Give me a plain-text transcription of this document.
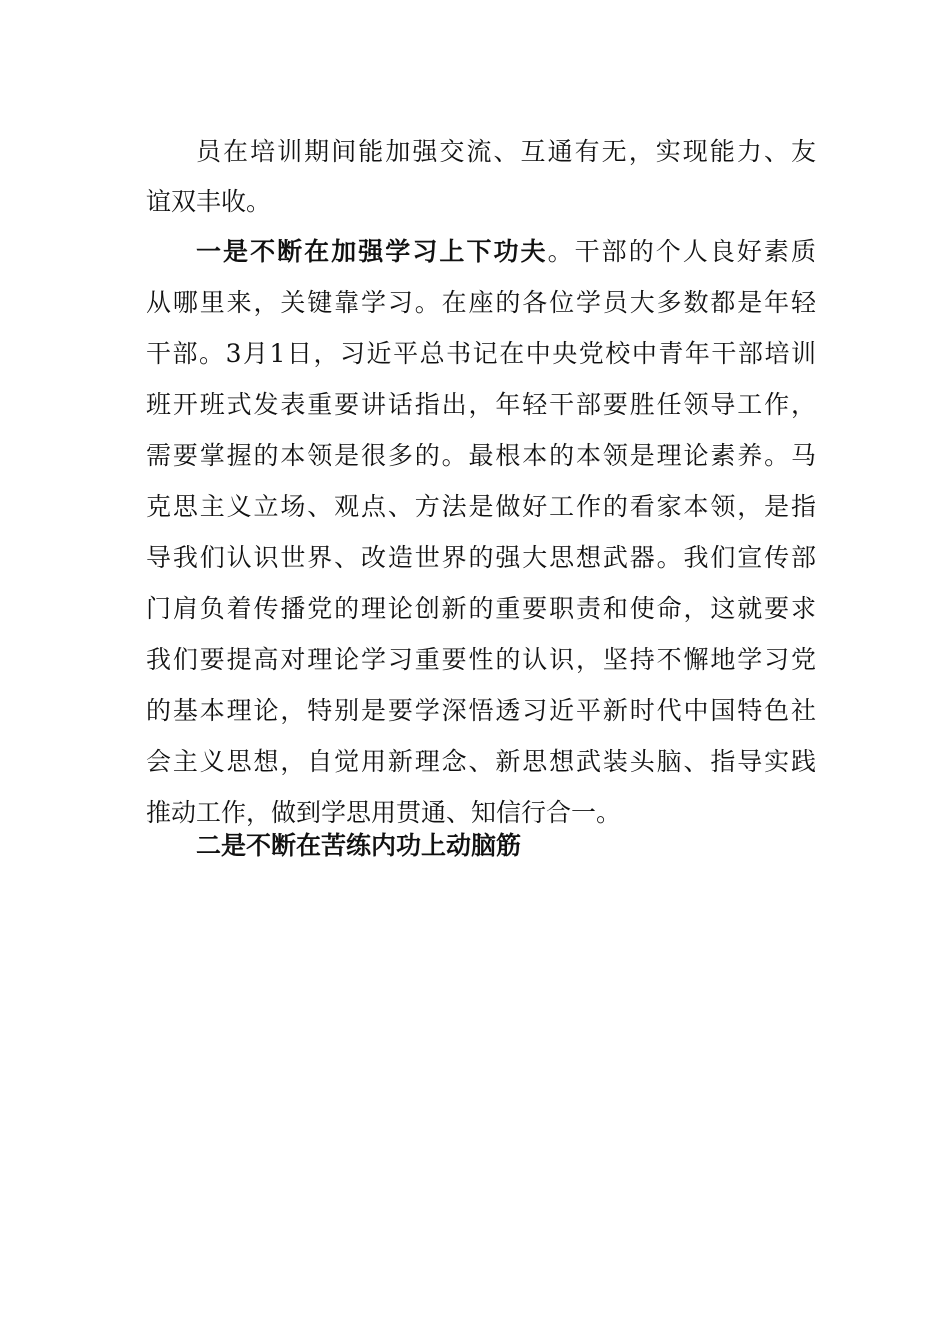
员在培训期间能加强交流、互通有无，实现能力、友
谊双丰收。
一是不断在加强学习上下功夫。干部的个人良好素质
从哪里来，关键靠学习。在座的各位学员大多数都是年轻
干部。3月1日，习近平总书记在中央党校中青年干部培训
班开班式发表重要讲话指出，年轻干部要胜任领导工作，
需要掌握的本领是很多的。最根本的本领是理论素养。马
克思主义立场、观点、方法是做好工作的看家本领，是指
导我们认识世界、改造世界的强大思想武器。我们宣传部
门肩负着传播党的理论创新的重要职责和使命，这就要求
我们要提高对理论学习重要性的认识，坚持不懈地学习党
的基本理论，特别是要学深悟透习近平新时代中国特色社
会主义思想，自觉用新理念、新思想武装头脑、指导实践
推动工作，做到学思用贯通、知信行合一。
二是不断在苦练内功上动脑筋
